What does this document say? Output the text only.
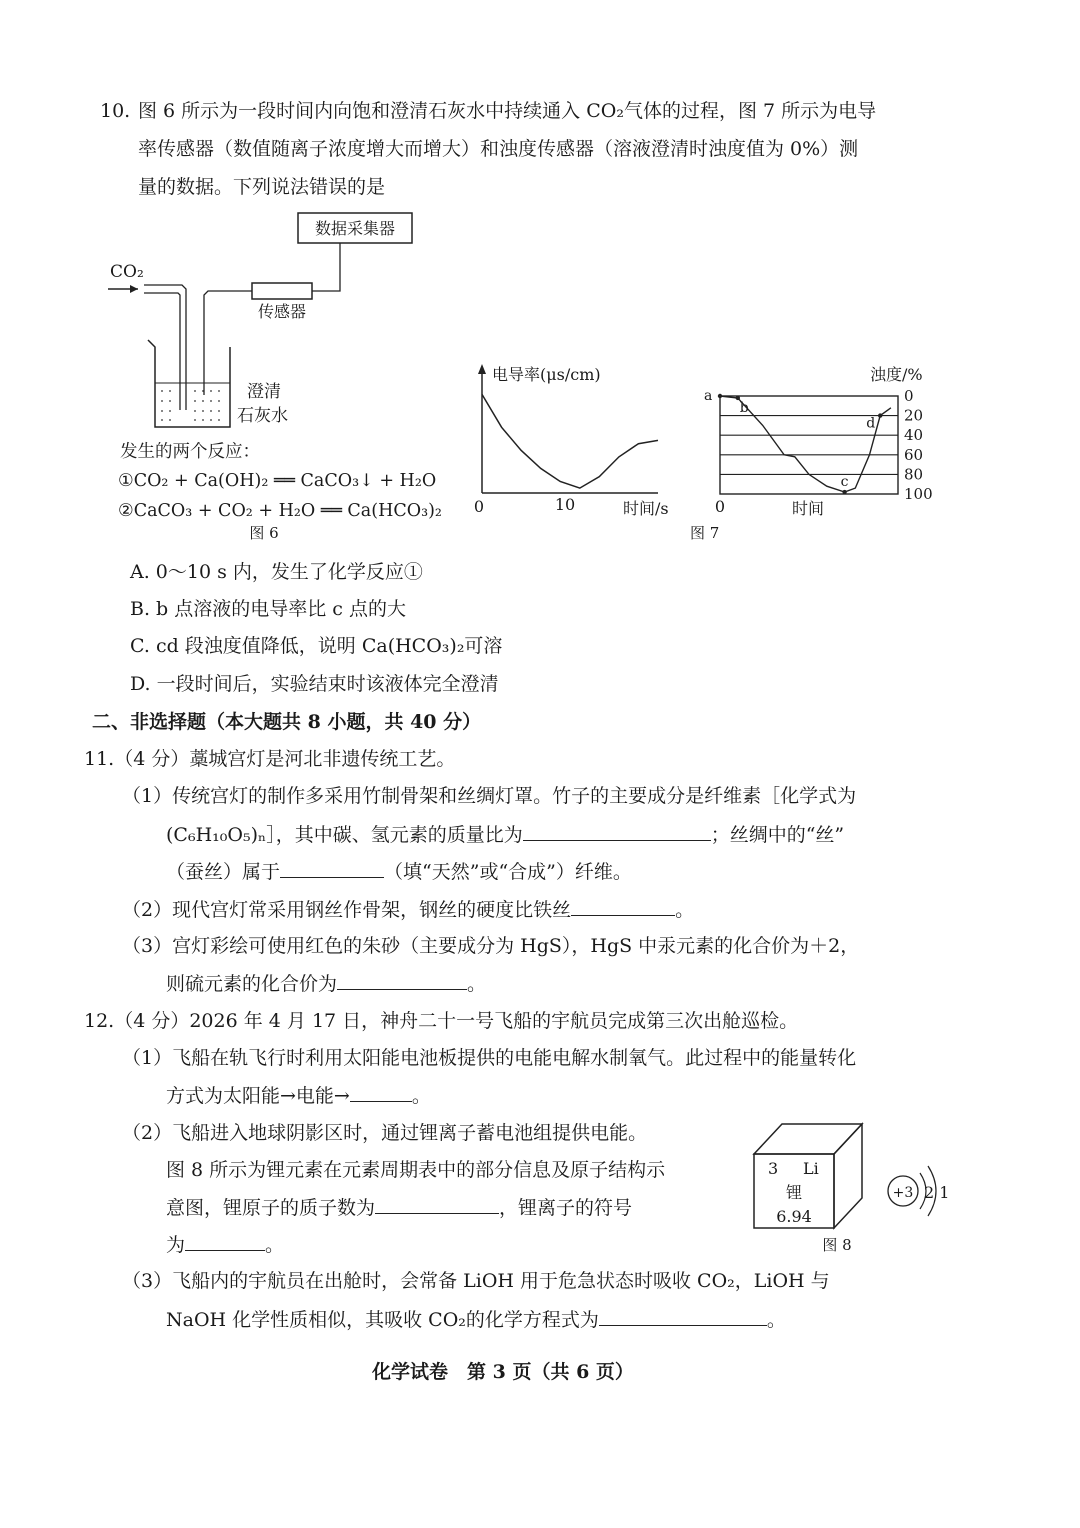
10. 图 6 所示为一段时间内向饱和澄清石灰水中持续通入 CO₂气体的过程，图 7 所示为电导
率传感器（数值随离子浓度增大而增大）和浊度传感器（溶液澄清时浊度值为 0%）测
量的数据。下列说法错误的是
数据采集器
传感器
CO₂
澄清
石灰水
发生的两个反应：
①CO₂ + Ca(OH)₂ ══ CaCO₃↓ + H₂O
②CaCO₃ + CO₂ + H₂O ══ Ca(HCO₃)₂
图 6
电导率(μs/cm)
0	10	时间/s
浊度/%
0
20
40
60
80
100
b
c
d
0	时间
a
图 7
A. 0～10 s 内，发生了化学反应①
B. b 点溶液的电导率比 c 点的大
C. cd 段浊度值降低，说明 Ca(HCO₃)₂可溶
D. 一段时间后，实验结束时该液体完全澄清
二、非选择题（本大题共 8 小题，共 40 分）
11.（4 分）藁城宫灯是河北非遗传统工艺。
（1）传统宫灯的制作多采用竹制骨架和丝绸灯罩。竹子的主要成分是纤维素［化学式为
(C₆H₁₀O₅)ₙ］，其中碳、氢元素的质量比为	；丝绸中的“丝”
（蚕丝）属于	（填“天然”或“合成”）纤维。
（2）现代宫灯常采用钢丝作骨架，钢丝的硬度比铁丝	。
（3）宫灯彩绘可使用红色的朱砂（主要成分为 HgS），HgS 中汞元素的化合价为＋2，
则硫元素的化合价为	。
12.（4 分）2026 年 4 月 17 日，神舟二十一号飞船的宇航员完成第三次出舱巡检。
（1）飞船在轨飞行时利用太阳能电池板提供的电能电解水制氧气。此过程中的能量转化
方式为太阳能→电能→	。
（2）飞船进入地球阴影区时，通过锂离子蓄电池组提供电能。
图 8 所示为锂元素在元素周期表中的部分信息及原子结构示
意图，锂原子的质子数为	，锂离子的符号
为	。
3 Li
锂
6.94
+3 2 1
图 8
（3）飞船内的宇航员在出舱时，会常备 LiOH 用于危急状态时吸收 CO₂，LiOH 与
NaOH 化学性质相似，其吸收 CO₂的化学方程式为	。
化学试卷　第 3 页（共 6 页）
